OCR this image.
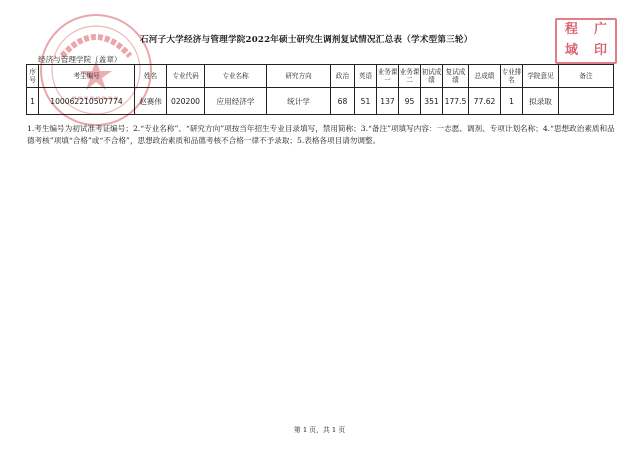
石河子大学经济与管理学院2022年硕士研究生调剂复试情况汇总表（学术型第三轮）
程	广
域	印
经济与管理学院（盖章）
序号	考生编号	姓名	专业代码	专业名称	研究方向	政治	英语	业务课一	业务课二	初试成绩	复试成绩	总成绩	专业排名	学院意见	备注
1	100062210507774	赵赛伟	020200	应用经济学	统计学	68	51	137	95	351	177.5	77.62	1	拟录取	
1.考生编号为初试准考证编号；2.“专业名称”、“研究方向”项按当年招生专业目录填写，禁用简称；3.“备注”项填写内容：一志愿、调剂、专项计划名称；4.“思想政治素质和品德考核”项填“合格”或“不合格”，思想政治素质和品德考核不合格一律不予录取；5.表格各项目请勿调整。
第 1 页，共 1 页
